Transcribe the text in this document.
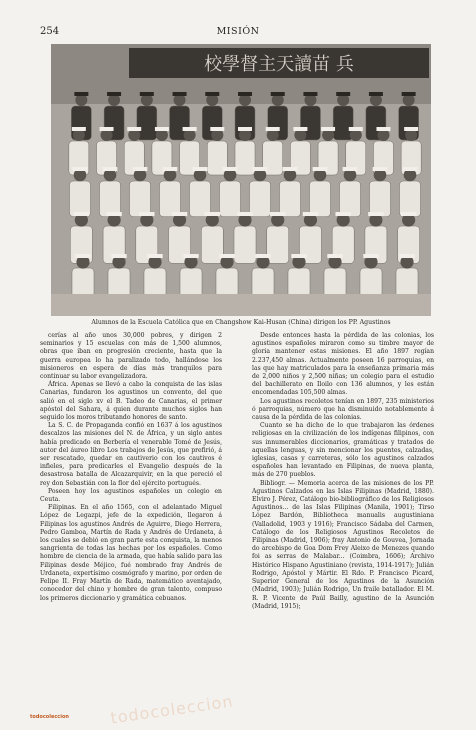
254	MISIÓN
校學督主天讀苗 兵
Alumnos de la Escuela Católica que en Changshow Kai-Husan (China) dirigen los PP. Agustinos

cerías al año unos 30,000 pobres, y dirigen 2 seminarios y 15 escuelas con más de 1,500 alumnos, obras que iban en progresión creciente, hasta que la guerra europea lo ha paralizado todo, hallándose los misioneros en espera de días más tranquilos para continuar su labor evangelizadora.

África. Apenas se llevó a cabo la conquista de las islas Canarias, fundaron los agustinos un convento, del que salió en el siglo xv el B. Tadeo de Canarias, el primer apóstol del Sahara, á quien durante muchos siglos han seguido los moros tributando honores de santo.

La S. C. de Propaganda confió en 1637 á los agustinos descalzos las misiones del N. de África, y un siglo antes había predicado en Berbería el venerable Tomé de Jesús, autor del áureo libro Los trabajos de Jesús, que prefirió, á ser rescatado, quedar en cautiverio con los cautivos é infieles, para predicarles el Evangelio después de la desastrosa batalla de Alcazarquivir, en la que pereció el rey don Sebastián con la flor del ejército portugués.

Poseen hoy los agustinos españoles un colegio en Ceuta.

Filipinas. En el año 1565, con el adelantado Miguel López de Legazpi, jefe de la expedición, llegaron á Filipinas los agustinos Andrés de Aguirre, Diego Herrera, Pedro Gamboa, Martín de Rada y Andrés de Urdaneta, á los cuales se debió en gran parte esta conquista, la menos sangrienta de todas las hechas por los españoles. Como hombre de ciencia de la armada, que había salido para las Filipinas desde Méjico, fué nombrado fray Andrés de Urdaneta, expertísimo cosmógrafo y marino, por orden de Felipe II. Fray Martín de Rada, matemático aventajado, conocedor del chino y hombre de gran talento, compuso los primeros diccionario y gramática cebuanos.

Desde entonces hasta la pérdida de las colonias, los agustinos españoles miraron como su timbre mayor de gloria mantener estas misiones. El año 1897 regían 2.237,450 almas. Actualmente poseen 16 parroquias, en las que hay matriculados para la enseñanza primaria más de 2,000 niños y 2,500 niñas; un colegio para el estudio del bachillerato en Iloilo con 136 alumnos, y les están encomendadas 105,500 almas.

Los agustinos recoletos tenían en 1897, 235 ministerios ó parroquias, número que ha disminuido notablemente á causa de la pérdida de las colonias.

Cuanto se ha dicho de lo que trabajaron las órdenes religiosas en la civilización de los indígenas filipinos, con sus innumerables diccionarios, gramáticas y tratados de aquellas lenguas, y sin mencionar los puentes, calzadas, iglesias, casas y carreteras, sólo los agustinos calzados españoles han levantado en Filipinas, de nueva planta, más de 270 pueblos.

Bibliogr. — Memoria acerca de las misiones de los PP. Agustinos Calzados en las Islas Filipinas (Madrid, 1880). Elviro J. Pérez, Catálogo bio-bibliográfico de los Religiosos Agustinos... de las Islas Filipinas (Manila, 1901); Tirso López Bardón, Bibliotheca manualis augustiniana (Valladolid, 1903 y 1916); Francisco Sádaba del Carmen, Catálogo de los Religiosos Agustinos Recoletos de Filipinas (Madrid, 1906); fray Antonio de Gouvea, Jornada do arcebispo de Goa Dom Frey Aleixo de Menezes quando foi as serras de Malabar... (Coimbra, 1606); Archivo Histórico Hispano Agustiniano (revista, 1914-1917); Julián Rodrigo, Apóstol y Mártir. El Rdo. P. Francisco Picard, Superior General de los Agustinos de la Asunción (Madrid, 1903); Julián Rodrigo, Un fraile batallador. El M. R. P. Vicente de Paúl Bailly, agustino de la Asunción (Madrid, 1915);

todocoleccion
todocoleccion
